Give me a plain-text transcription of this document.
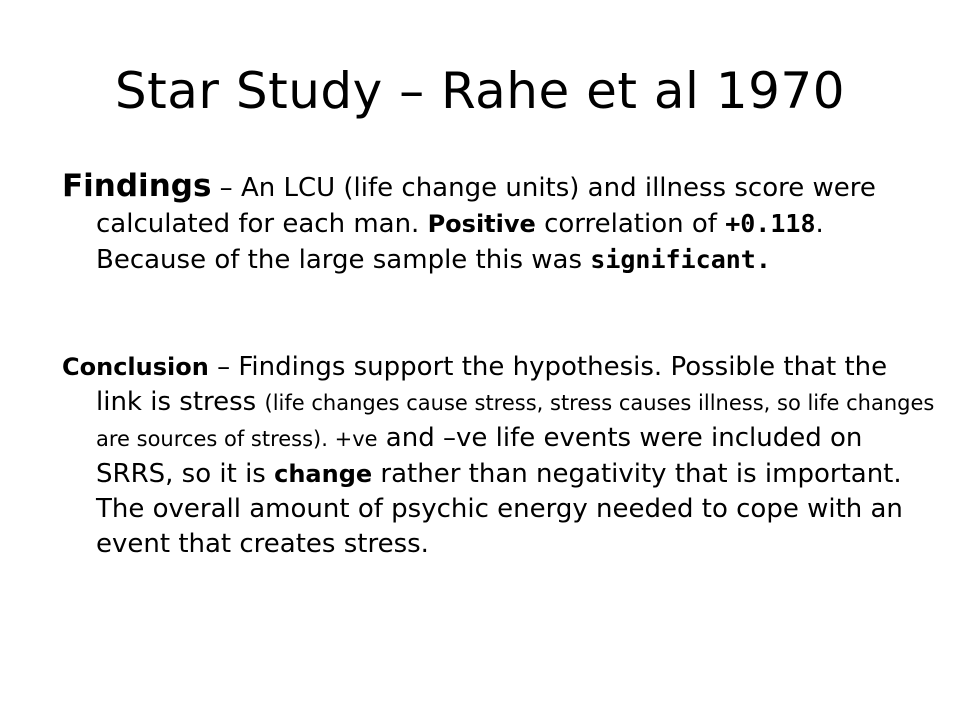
Star Study – Rahe et al 1970
Findings – An LCU (life change units) and illness score were calculated for each man. Positive correlation of +0.118. Because of the large sample this was significant.
Conclusion – Findings support the hypothesis. Possible that the link is stress (life changes cause stress, stress causes illness, so life changes are sources of stress). +ve and –ve life events were included on SRRS, so it is change rather than negativity that is important. The overall amount of psychic energy needed to cope with an event that creates stress.
